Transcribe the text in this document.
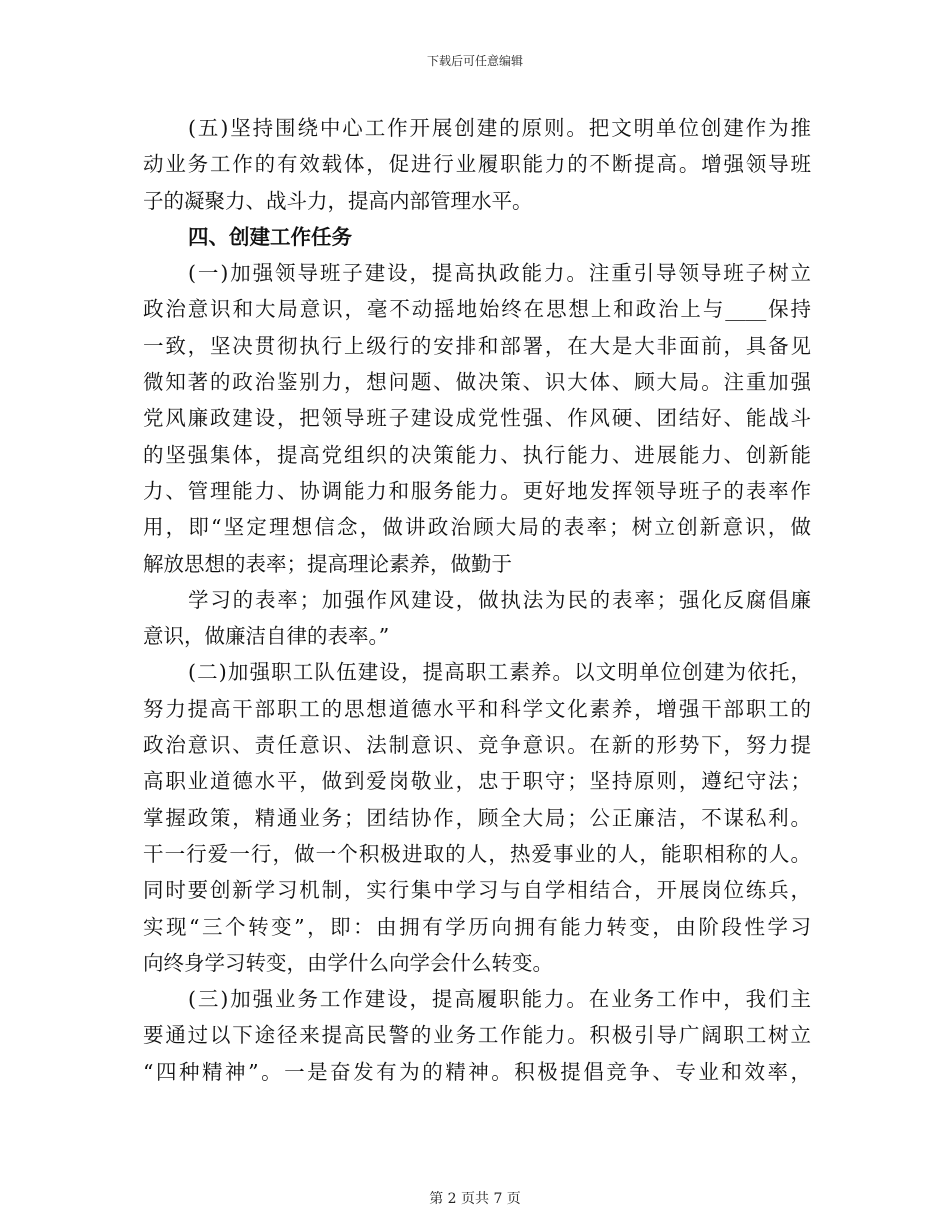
下载后可任意编辑
(五)坚持围绕中心工作开展创建的原则。把文明单位创建作为推
动业务工作的有效载体，促进行业履职能力的不断提高。增强领导班
子的凝聚力、战斗力，提高内部管理水平。
四、创建工作任务
(一)加强领导班子建设，提高执政能力。注重引导领导班子树立
政治意识和大局意识，毫不动摇地始终在思想上和政治上与____保持
一致，坚决贯彻执行上级行的安排和部署，在大是大非面前，具备见
微知著的政治鉴别力，想问题、做决策、识大体、顾大局。注重加强
党风廉政建设，把领导班子建设成党性强、作风硬、团结好、能战斗
的坚强集体，提高党组织的决策能力、执行能力、进展能力、创新能
力、管理能力、协调能力和服务能力。更好地发挥领导班子的表率作
用，即“坚定理想信念，做讲政治顾大局的表率；树立创新意识，做
解放思想的表率；提高理论素养，做勤于
学习的表率；加强作风建设，做执法为民的表率；强化反腐倡廉
意识，做廉洁自律的表率。”
(二)加强职工队伍建设，提高职工素养。以文明单位创建为依托，
努力提高干部职工的思想道德水平和科学文化素养，增强干部职工的
政治意识、责任意识、法制意识、竞争意识。在新的形势下，努力提
高职业道德水平，做到爱岗敬业，忠于职守；坚持原则，遵纪守法；
掌握政策，精通业务；团结协作，顾全大局；公正廉洁，不谋私利。
干一行爱一行，做一个积极进取的人，热爱事业的人，能职相称的人。
同时要创新学习机制，实行集中学习与自学相结合，开展岗位练兵，
实现“三个转变”，即：由拥有学历向拥有能力转变，由阶段性学习
向终身学习转变，由学什么向学会什么转变。
(三)加强业务工作建设，提高履职能力。在业务工作中，我们主
要通过以下途径来提高民警的业务工作能力。积极引导广阔职工树立
“四种精神”。一是奋发有为的精神。积极提倡竞争、专业和效率，
第 2 页共 7 页
